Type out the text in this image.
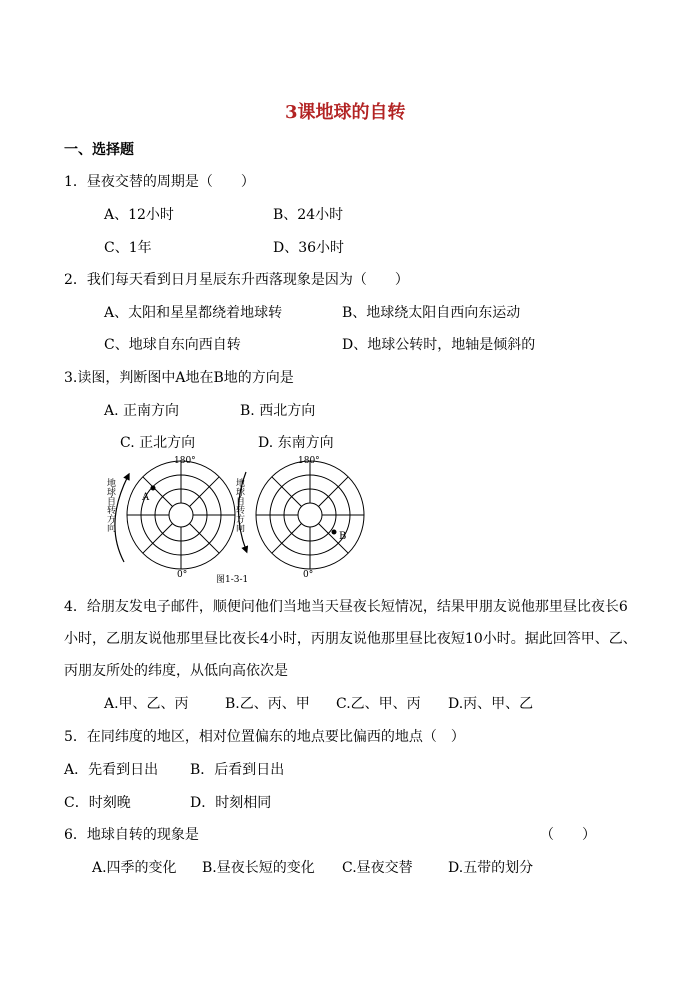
3课地球的自转
一、选择题
1．昼夜交替的周期是（　　）
A、12小时	B、24小时
C、1年	D、36小时
2．我们每天看到日月星辰东升西落现象是因为（　　）
A、太阳和星星都绕着地球转	B、地球绕太阳自西向东运动
C、地球自东向西自转	D、地球公转时，地轴是倾斜的
3.读图，判断图中A地在B地的方向是
A. 正南方向	B. 西北方向
C. 正北方向	D. 东南方向
180°
0°
180°
0°
A
B
地球自转方向	地球自转方向
图1-3-1
4．给朋友发电子邮件，顺便问他们当地当天昼夜长短情况，结果甲朋友说他那里昼比夜长6
小时，乙朋友说他那里昼比夜长4小时，丙朋友说他那里昼比夜短10小时。据此回答甲、乙、
丙朋友所处的纬度，从低向高依次是
A.甲、乙、丙	B.乙、丙、甲 C.乙、甲、丙 D.丙、甲、乙
5．在同纬度的地区，相对位置偏东的地点要比偏西的地点（　）
A．先看到日出 B．后看到日出
C．时刻晚	D．时刻相同
6．地球自转的现象是	（　　）
A.四季的变化 B.昼夜长短的变化 C.昼夜交替	D.五带的划分
